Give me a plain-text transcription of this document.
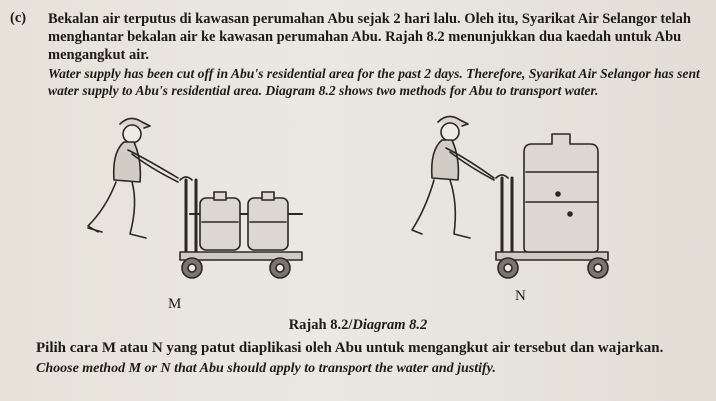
(c) Bekalan air terputus di kawasan perumahan Abu sejak 2 hari lalu. Oleh itu, Syarikat Air Selangor telah menghantar bekalan air ke kawasan perumahan Abu. Rajah 8.2 menunjukkan dua kaedah untuk Abu mengangkut air.
Water supply has been cut off in Abu's residential area for the past 2 days. Therefore, Syarikat Air Selangor has sent water supply to Abu's residential area. Diagram 8.2 shows two methods for Abu to transport water.
M	N
Rajah 8.2/Diagram 8.2
Pilih cara M atau N yang patut diaplikasi oleh Abu untuk mengangkut air tersebut dan wajarkan.
Choose method M or N that Abu should apply to transport the water and justify.
